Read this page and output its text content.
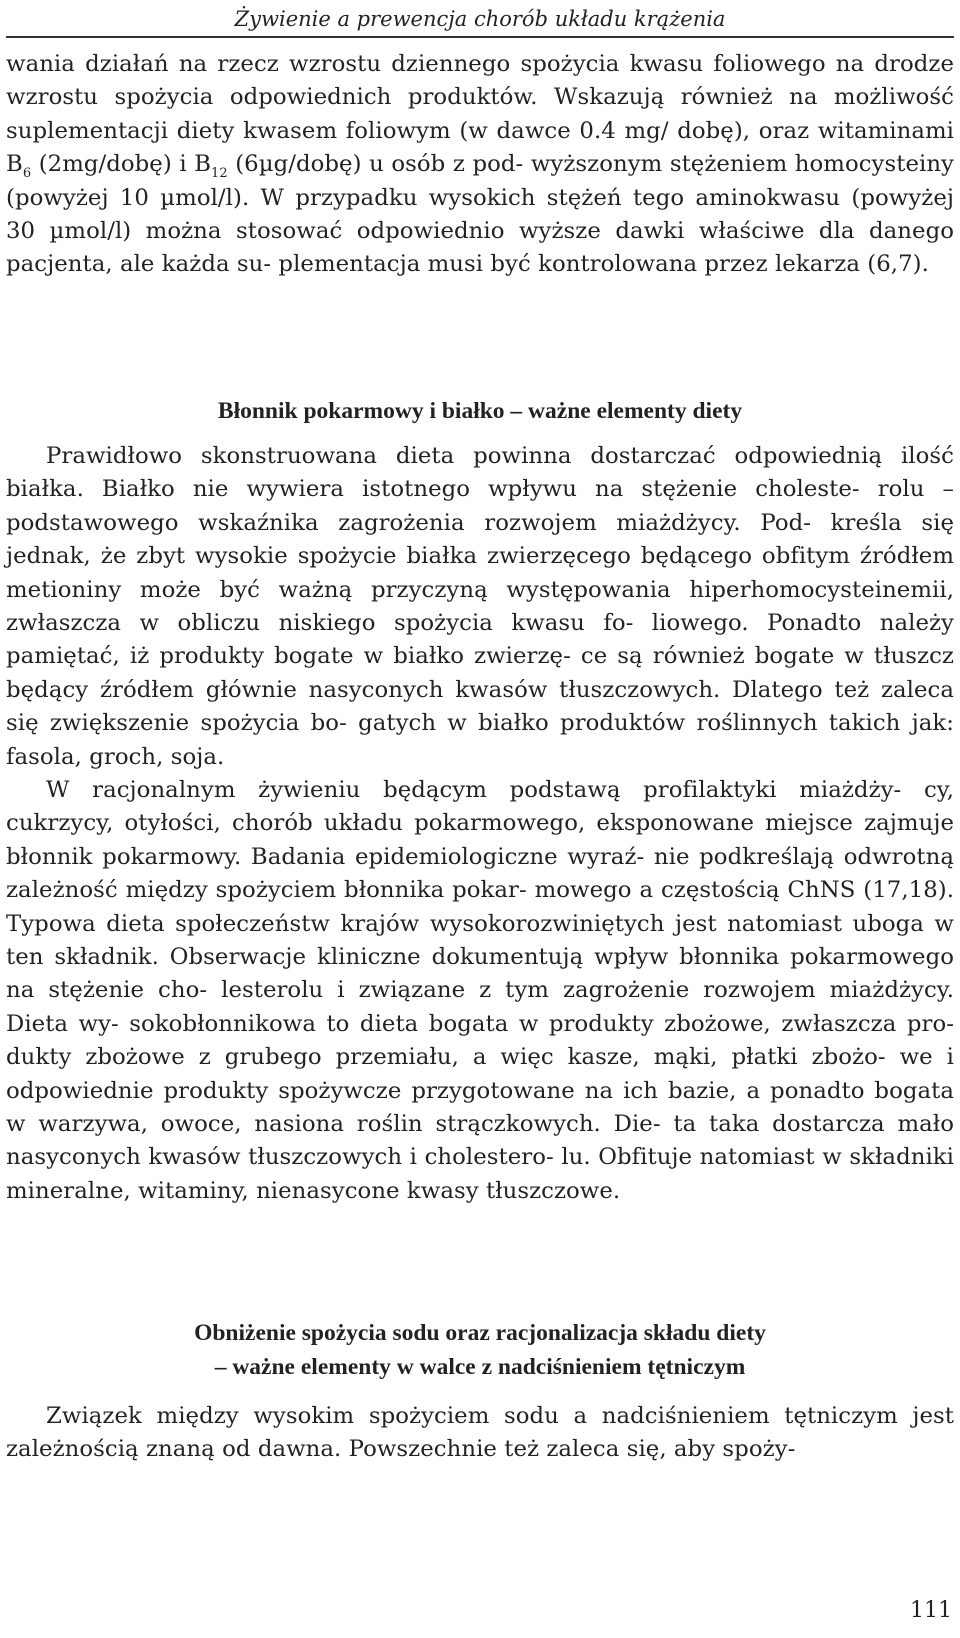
Żywienie a prewencja chorób układu krążenia

wania działań na rzecz wzrostu dziennego spożycia kwasu foliowego na drodze wzrostu spożycia odpowiednich produktów. Wskazują również na możliwość suplementacji diety kwasem foliowym (w dawce 0.4 mg/ dobę), oraz witaminami $B_6$ (2mg/dobę) i $B_{12}$ (6µg/dobę) u osób z pod- wyższonym stężeniem homocysteiny (powyżej 10 µmol/l). W przypadku wysokich stężeń tego aminokwasu (powyżej 30 µmol/l) można stosować odpowiednio wyższe dawki właściwe dla danego pacjenta, ale każda su- plementacja musi być kontrolowana przez lekarza (6,7).

Błonnik pokarmowy i białko – ważne elementy diety

Prawidłowo skonstruowana dieta powinna dostarczać odpowiednią ilość białka. Białko nie wywiera istotnego wpływu na stężenie choleste- rolu – podstawowego wskaźnika zagrożenia rozwojem miażdżycy. Pod- kreśla się jednak, że zbyt wysokie spożycie białka zwierzęcego będącego obfitym źródłem metioniny może być ważną przyczyną występowania hiperhomocysteinemii, zwłaszcza w obliczu niskiego spożycia kwasu fo- liowego. Ponadto należy pamiętać, iż produkty bogate w białko zwierzę- ce są również bogate w tłuszcz będący źródłem głównie nasyconych kwasów tłuszczowych. Dlatego też zaleca się zwiększenie spożycia bo- gatych w białko produktów roślinnych takich jak: fasola, groch, soja.

W racjonalnym żywieniu będącym podstawą profilaktyki miażdży- cy, cukrzycy, otyłości, chorób układu pokarmowego, eksponowane miejsce zajmuje błonnik pokarmowy. Badania epidemiologiczne wyraź- nie podkreślają odwrotną zależność między spożyciem błonnika pokar- mowego a częstością ChNS (17,18). Typowa dieta społeczeństw krajów wysokorozwiniętych jest natomiast uboga w ten składnik. Obserwacje kliniczne dokumentują wpływ błonnika pokarmowego na stężenie cho- lesterolu i związane z tym zagrożenie rozwojem miażdżycy. Dieta wy- sokobłonnikowa to dieta bogata w produkty zbożowe, zwłaszcza pro- dukty zbożowe z grubego przemiału, a więc kasze, mąki, płatki zbożo- we i odpowiednie produkty spożywcze przygotowane na ich bazie, a ponadto bogata w warzywa, owoce, nasiona roślin strączkowych. Die- ta taka dostarcza mało nasyconych kwasów tłuszczowych i cholestero- lu. Obfituje natomiast w składniki mineralne, witaminy, nienasycone kwasy tłuszczowe.

Obniżenie spożycia sodu oraz racjonalizacja składu diety
– ważne elementy w walce z nadciśnieniem tętniczym

Związek między wysokim spożyciem sodu a nadciśnieniem tętniczym jest zależnością znaną od dawna. Powszechnie też zaleca się, aby spoży-

111
